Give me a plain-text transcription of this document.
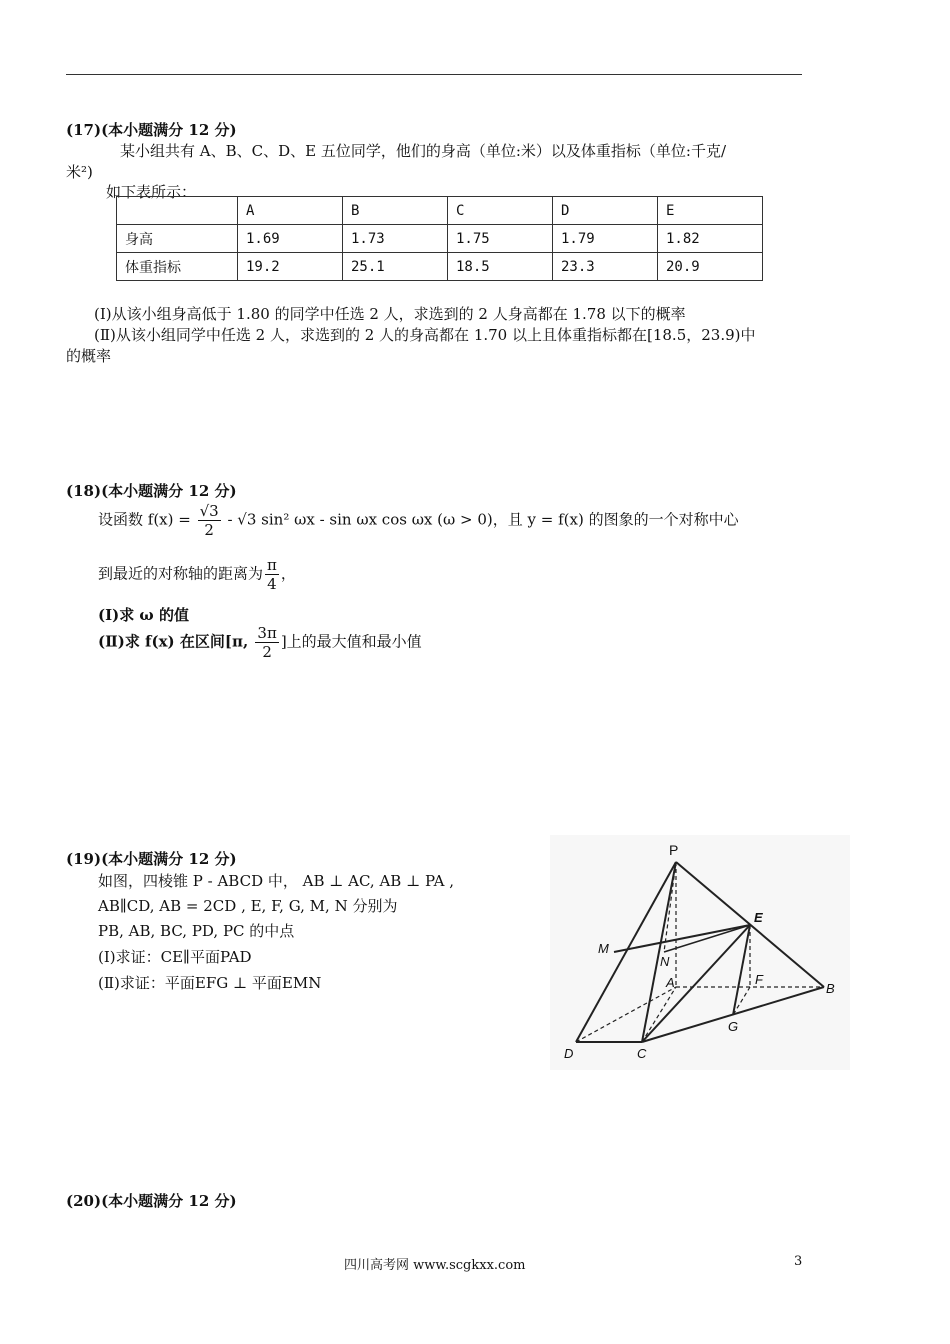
(17)(本小题满分 12 分)
某小组共有 A、B、C、D、E 五位同学，他们的身高（单位:米）以及体重指标（单位:千克/
米²)
如下表所示：
	A	B	C	D	E
身高	1.69	1.73	1.75	1.79	1.82
体重指标	19.2	25.1	18.5	23.3	20.9
(Ⅰ)从该小组身高低于 1.80 的同学中任选 2 人，求选到的 2 人身高都在 1.78 以下的概率
(Ⅱ)从该小组同学中任选 2 人，求选到的 2 人的身高都在 1.70 以上且体重指标都在[18.5，23.9)中
的概率
(18)(本小题满分 12 分)
设函数 $f(x) = \frac{√3}{2} - √3$ sin² ωx - sin ωx cos ωx (ω > 0)，且 y = f(x) 的图象的一个对称中心
到最近的对称轴的距离为 $\frac{\pi}{4}$ ，
(Ⅰ)求 ω 的值
(Ⅱ)求 f(x) 在区间[π, $\frac{3\pi}{2}$ ]上的最大值和最小值
(19)(本小题满分 12 分)
如图，四棱锥 P - ABCD 中， AB ⊥ AC, AB ⊥ PA ,
AB∥CD, AB = 2CD , E, F, G, M, N 分别为
PB, AB, BC, PD, PC 的中点
(Ⅰ)求证：CE∥平面PAD
(Ⅱ)求证：平面EFG ⊥ 平面EMN
P
A	B
C
D
E
F
G
M
N
(20)(本小题满分 12 分)
四川高考网 www.scgkxx.com	3
